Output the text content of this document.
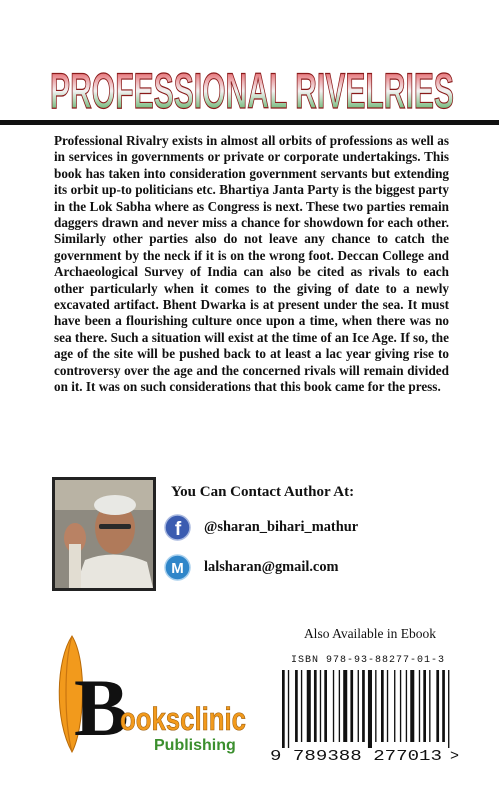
PROFESSIONAL RIVELRIES

Professional Rivalry exists in almost all orbits of professions as well as in services in governments or private or corporate undertakings. This book has taken into consideration government servants but extending its orbit up-to politicians etc. Bhartiya Janta Party is the biggest party in the Lok Sabha where as Congress is next. These two parties remain daggers drawn and never miss a chance for showdown for each other. Similarly other parties also do not leave any chance to catch the government by the neck if it is on the wrong foot. Deccan College and Archaeological Survey of India can also be cited as rivals to each other particularly when it comes to the giving of date to a newly excavated artifact. Bhent Dwarka is at present under the sea. It must have been a flourishing culture once upon a time, when there was no sea there. Such a situation will exist at the time of an Ice Age. If so, the age of the site will be pushed back to at least a lac year giving rise to controversy over the age and the concerned rivals will remain divided on it. It was on such considerations that this book came for the press.

You Can Contact Author At:
f @sharan_bihari_mathur
M lalsharan@gmail.com
B
ooksclinic
Publishing
Also Available in Ebook
ISBN 978-93-88277-01-3
9 789388 277013 >
